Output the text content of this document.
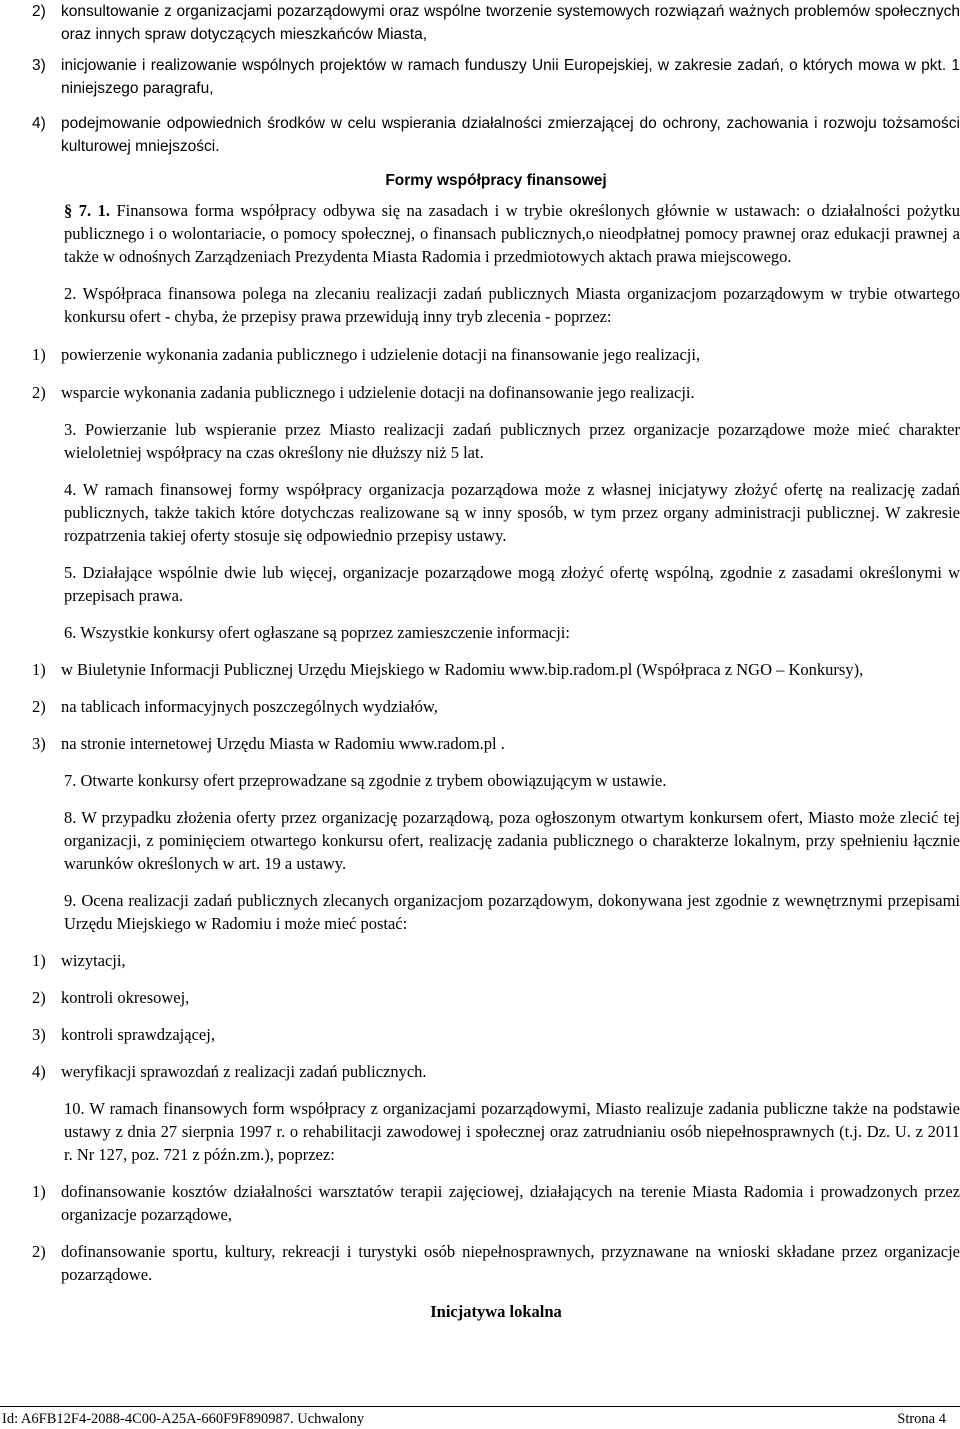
2) konsultowanie z organizacjami pozarządowymi oraz wspólne tworzenie systemowych rozwiązań ważnych problemów społecznych oraz innych spraw dotyczących mieszkańców Miasta,

3) inicjowanie i realizowanie wspólnych projektów w ramach funduszy Unii Europejskiej, w zakresie zadań, o których mowa w pkt. 1 niniejszego paragrafu,

4) podejmowanie odpowiednich środków w celu wspierania działalności zmierzającej do ochrony, zachowania i rozwoju tożsamości kulturowej mniejszości.

Formy współpracy finansowej

§ 7. 1. Finansowa forma współpracy odbywa się na zasadach i w trybie określonych głównie w ustawach: o działalności pożytku publicznego i o wolontariacie, o pomocy społecznej, o finansach publicznych,o nieodpłatnej pomocy prawnej oraz edukacji prawnej a także w odnośnych Zarządzeniach Prezydenta Miasta Radomia i przedmiotowych aktach prawa miejscowego.

2. Współpraca finansowa polega na zlecaniu realizacji zadań publicznych Miasta organizacjom pozarządowym w trybie otwartego konkursu ofert - chyba, że przepisy prawa przewidują inny tryb zlecenia - poprzez:

1) powierzenie wykonania zadania publicznego i udzielenie dotacji na finansowanie jego realizacji,

2) wsparcie wykonania zadania publicznego i udzielenie dotacji na dofinansowanie jego realizacji.

3. Powierzanie lub wspieranie przez Miasto realizacji zadań publicznych przez organizacje pozarządowe może mieć charakter wieloletniej współpracy na czas określony nie dłuższy niż 5 lat.

4. W ramach finansowej formy współpracy organizacja pozarządowa może z własnej inicjatywy złożyć ofertę na realizację zadań publicznych, także takich które dotychczas realizowane są w inny sposób, w tym przez organy administracji publicznej. W zakresie rozpatrzenia takiej oferty stosuje się odpowiednio przepisy ustawy.

5. Działające wspólnie dwie lub więcej, organizacje pozarządowe mogą złożyć ofertę wspólną, zgodnie z zasadami określonymi w przepisach prawa.

6. Wszystkie konkursy ofert ogłaszane są poprzez zamieszczenie informacji:

1) w Biuletynie Informacji Publicznej Urzędu Miejskiego w Radomiu www.bip.radom.pl (Współpraca z NGO – Konkursy),

2) na tablicach informacyjnych poszczególnych wydziałów,

3) na stronie internetowej Urzędu Miasta w Radomiu www.radom.pl .

7. Otwarte konkursy ofert przeprowadzane są zgodnie z trybem obowiązującym w ustawie.

8. W przypadku złożenia oferty przez organizację pozarządową, poza ogłoszonym otwartym konkursem ofert, Miasto może zlecić tej organizacji, z pominięciem otwartego konkursu ofert, realizację zadania publicznego o charakterze lokalnym, przy spełnieniu łącznie warunków określonych w art. 19 a ustawy.

9. Ocena realizacji zadań publicznych zlecanych organizacjom pozarządowym, dokonywana jest zgodnie z wewnętrznymi przepisami Urzędu Miejskiego w Radomiu i może mieć postać:

1) wizytacji,

2) kontroli okresowej,

3) kontroli sprawdzającej,

4) weryfikacji sprawozdań z realizacji zadań publicznych.

10. W ramach finansowych form współpracy z organizacjami pozarządowymi, Miasto realizuje zadania publiczne także na podstawie ustawy z dnia 27 sierpnia 1997 r. o rehabilitacji zawodowej i społecznej oraz zatrudnianiu osób niepełnosprawnych (t.j. Dz. U. z 2011 r. Nr 127, poz. 721 z późn.zm.), poprzez:

1) dofinansowanie kosztów działalności warsztatów terapii zajęciowej, działających na terenie Miasta Radomia i prowadzonych przez organizacje pozarządowe,

2) dofinansowanie sportu, kultury, rekreacji i turystyki osób niepełnosprawnych, przyznawane na wnioski składane przez organizacje pozarządowe.

Inicjatywa lokalna

Id: A6FB12F4-2088-4C00-A25A-660F9F890987. Uchwalony	Strona 4
